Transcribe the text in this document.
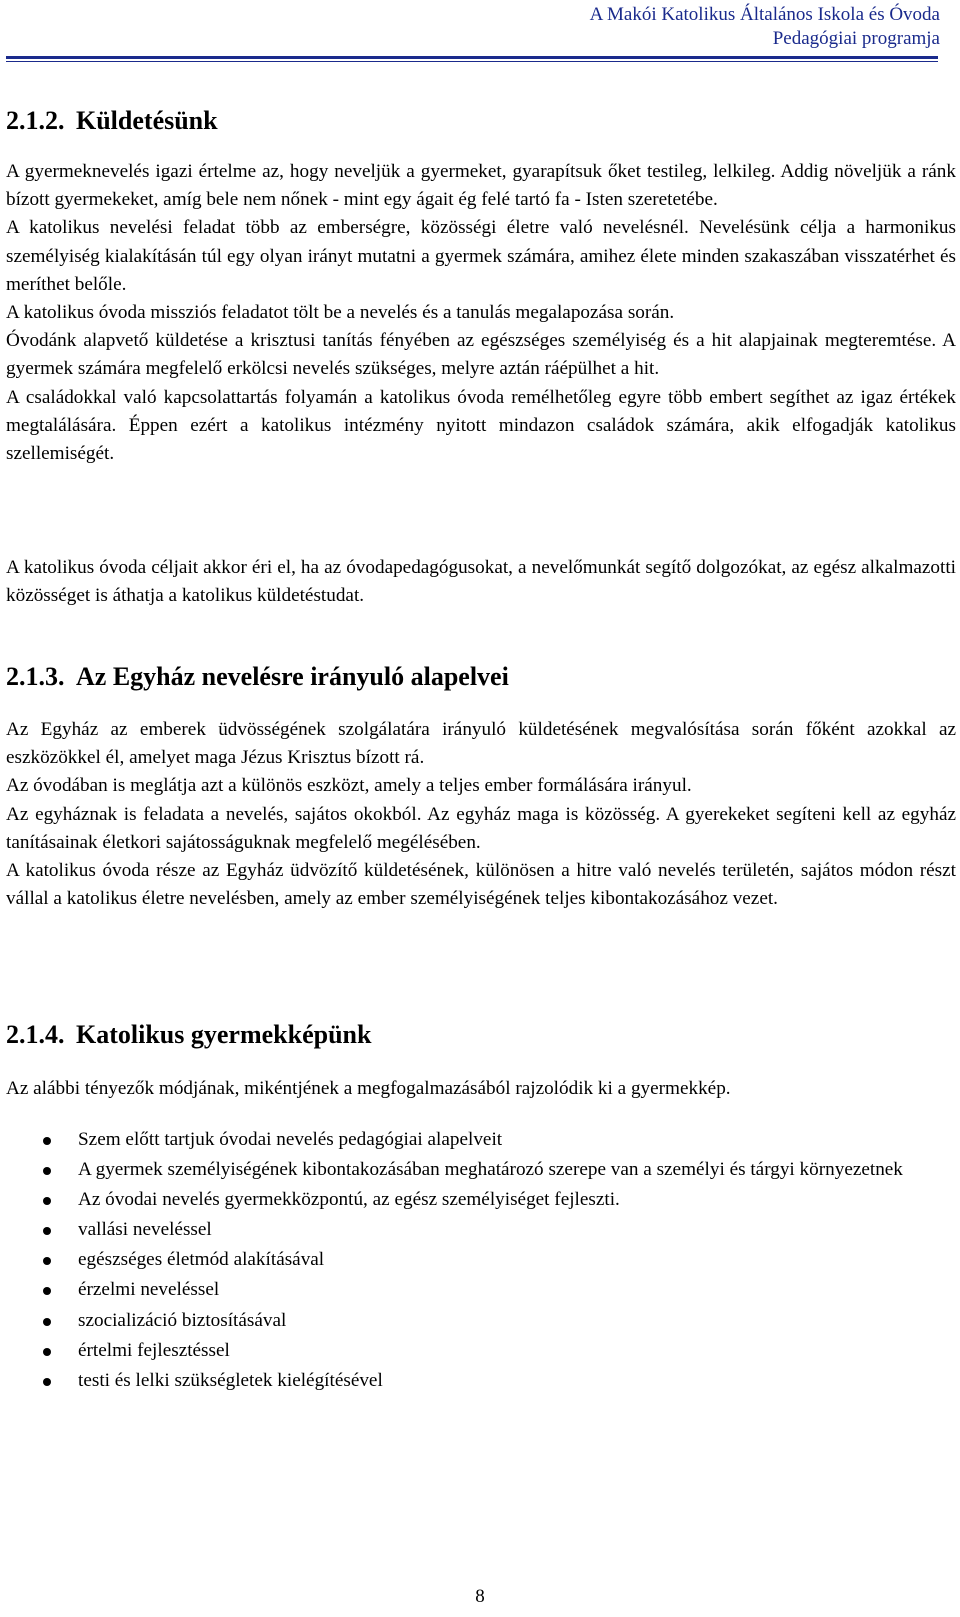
A Makói Katolikus Általános Iskola és Óvoda
Pedagógiai programja
2.1.2. Küldetésünk

A gyermeknevelés igazi értelme az, hogy neveljük a gyermeket, gyarapítsuk őket testileg, lelkileg. Addig növeljük a ránk bízott gyermekeket, amíg bele nem nőnek - mint egy ágait ég felé tartó fa - Isten szeretetébe.

A katolikus nevelési feladat több az emberségre, közösségi életre való nevelésnél. Nevelésünk célja a harmonikus személyiség kialakításán túl egy olyan irányt mutatni a gyermek számára, amihez élete minden szakaszában visszatérhet és meríthet belőle.

A katolikus óvoda missziós feladatot tölt be a nevelés és a tanulás megalapozása során.

Óvodánk alapvető küldetése a krisztusi tanítás fényében az egészséges személyiség és a hit alapjainak megteremtése. A gyermek számára megfelelő erkölcsi nevelés szükséges, melyre aztán ráépülhet a hit.

A családokkal való kapcsolattartás folyamán a katolikus óvoda remélhetőleg egyre több embert segíthet az igaz értékek megtalálására. Éppen ezért a katolikus intézmény nyitott mindazon családok számára, akik elfogadják katolikus szellemiségét.

A katolikus óvoda céljait akkor éri el, ha az óvodapedagógusokat, a nevelőmunkát segítő dolgozókat, az egész alkalmazotti közösséget is áthatja a katolikus küldetéstudat.

2.1.3. Az Egyház nevelésre irányuló alapelvei

Az Egyház az emberek üdvösségének szolgálatára irányuló küldetésének megvalósítása során főként azokkal az eszközökkel él, amelyet maga Jézus Krisztus bízott rá.

Az óvodában is meglátja azt a különös eszközt, amely a teljes ember formálására irányul.

Az egyháznak is feladata a nevelés, sajátos okokból. Az egyház maga is közösség. A gyerekeket segíteni kell az egyház tanításainak életkori sajátosságuknak megfelelő megélésében.

A katolikus óvoda része az Egyház üdvözítő küldetésének, különösen a hitre való nevelés területén, sajátos módon részt vállal a katolikus életre nevelésben, amely az ember személyiségének teljes kibontakozásához vezet.

2.1.4. Katolikus gyermekképünk

Az alábbi tényezők módjának, mikéntjének a megfogalmazásából rajzolódik ki a gyermekkép.

Szem előtt tartjuk óvodai nevelés pedagógiai alapelveit
A gyermek személyiségének kibontakozásában meghatározó szerepe van a személyi és tárgyi környezetnek
Az óvodai nevelés gyermekközpontú, az egész személyiséget fejleszti.
vallási neveléssel
egészséges életmód alakításával
érzelmi neveléssel
szocializáció biztosításával
értelmi fejlesztéssel
testi és lelki szükségletek kielégítésével
8
